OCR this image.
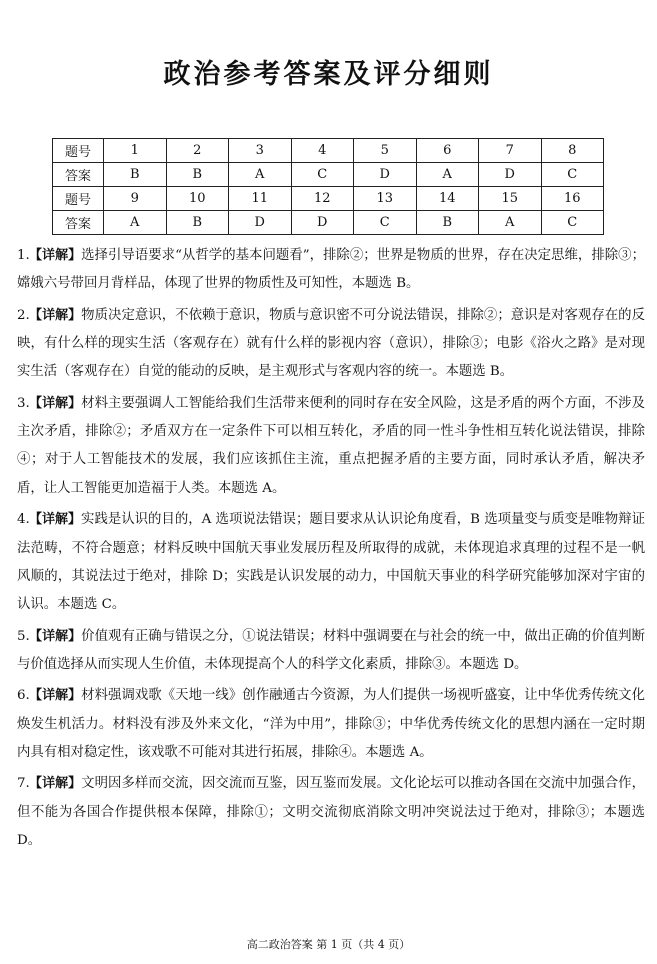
政治参考答案及评分细则
题号	1	2	3	4	5	6	7	8
答案	B	B	A	C	D	A	D	C
题号	9	10	11	12	13	14	15	16
答案	A	B	D	D	C	B	A	C
1.【详解】选择引导语要求“从哲学的基本问题看”，排除②；世界是物质的世界，存在决定思维，排除③；嫦娥六号带回月背样品，体现了世界的物质性及可知性，本题选 B。
2.【详解】物质决定意识，不依赖于意识，物质与意识密不可分说法错误，排除②；意识是对客观存在的反映，有什么样的现实生活（客观存在）就有什么样的影视内容（意识），排除③；电影《浴火之路》是对现实生活（客观存在）自觉的能动的反映，是主观形式与客观内容的统一。本题选 B。
3.【详解】材料主要强调人工智能给我们生活带来便利的同时存在安全风险，这是矛盾的两个方面，不涉及主次矛盾，排除②；矛盾双方在一定条件下可以相互转化，矛盾的同一性斗争性相互转化说法错误，排除④；对于人工智能技术的发展，我们应该抓住主流，重点把握矛盾的主要方面，同时承认矛盾，解决矛盾，让人工智能更加造福于人类。本题选 A。
4.【详解】实践是认识的目的，A 选项说法错误；题目要求从认识论角度看，B 选项量变与质变是唯物辩证法范畴，不符合题意；材料反映中国航天事业发展历程及所取得的成就，未体现追求真理的过程不是一帆风顺的，其说法过于绝对，排除 D；实践是认识发展的动力，中国航天事业的科学研究能够加深对宇宙的认识。本题选 C。
5.【详解】价值观有正确与错误之分，①说法错误；材料中强调要在与社会的统一中，做出正确的价值判断与价值选择从而实现人生价值，未体现提高个人的科学文化素质，排除③。本题选 D。
6.【详解】材料强调戏歌《天地一线》创作融通古今资源，为人们提供一场视听盛宴，让中华优秀传统文化焕发生机活力。材料没有涉及外来文化，“洋为中用”，排除③；中华优秀传统文化的思想内涵在一定时期内具有相对稳定性，该戏歌不可能对其进行拓展，排除④。本题选 A。
7.【详解】文明因多样而交流，因交流而互鉴，因互鉴而发展。文化论坛可以推动各国在交流中加强合作，但不能为各国合作提供根本保障，排除①；文明交流彻底消除文明冲突说法过于绝对，排除③；本题选 D。
高二政治答案 第 1 页（共 4 页）
